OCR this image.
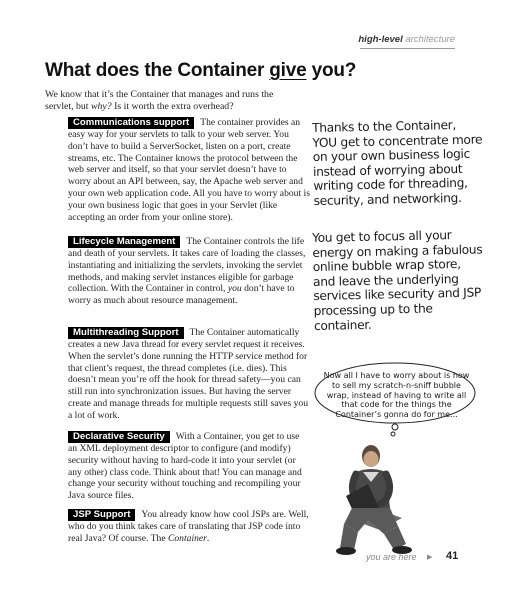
high-level architecture
What does the Container give you?

We know that it’s the Container that manages and runs the servlet, but why? Is it worth the extra overhead?

Communications support The container provides an easy way for your servlets to talk to your web server. You don’t have to build a ServerSocket, listen on a port, create streams, etc. The Container knows the protocol between the web server and itself, so that your servlet doesn’t have to worry about an API between, say, the Apache web server and your own web application code. All you have to worry about is your own business logic that goes in your Servlet (like accepting an order from your online store).

Lifecycle Management The Container controls the life and death of your servlets. It takes care of loading the classes, instantiating and initializing the servlets, invoking the servlet methods, and making servlet instances eligible for garbage collection. With the Container in control, you don’t have to worry as much about resource management.

Multithreading Support The Container automatically creates a new Java thread for every servlet request it receives. When the servlet’s done running the HTTP service method for that client’s request, the thread completes (i.e. dies). This doesn’t mean you’re off the hook for thread safety—you can still run into synchronization issues. But having the server create and manage threads for multiple requests still saves you a lot of work.

Declarative Security With a Container, you get to use an XML deployment descriptor to configure (and modify) security without having to hard-code it into your servlet (or any other) class code. Think about that! You can manage and change your security without touching and recompiling your Java source files.

JSP Support You already know how cool JSPs are. Well, who do you think takes care of translating that JSP code into real Java? Of course. The Container.

Thanks to the Container, YOU get to concentrate more on your own business logic instead of worrying about writing code for threading, security, and networking.

You get to focus all your energy on making a fabulous online bubble wrap store, and leave the underlying services like security and JSP processing up to the container.

Now all I have to worry about is how to sell my scratch-n-sniff bubble wrap, instead of having to write all that code for the things the Container’s gonna do for me...

you are here ▶ 41
